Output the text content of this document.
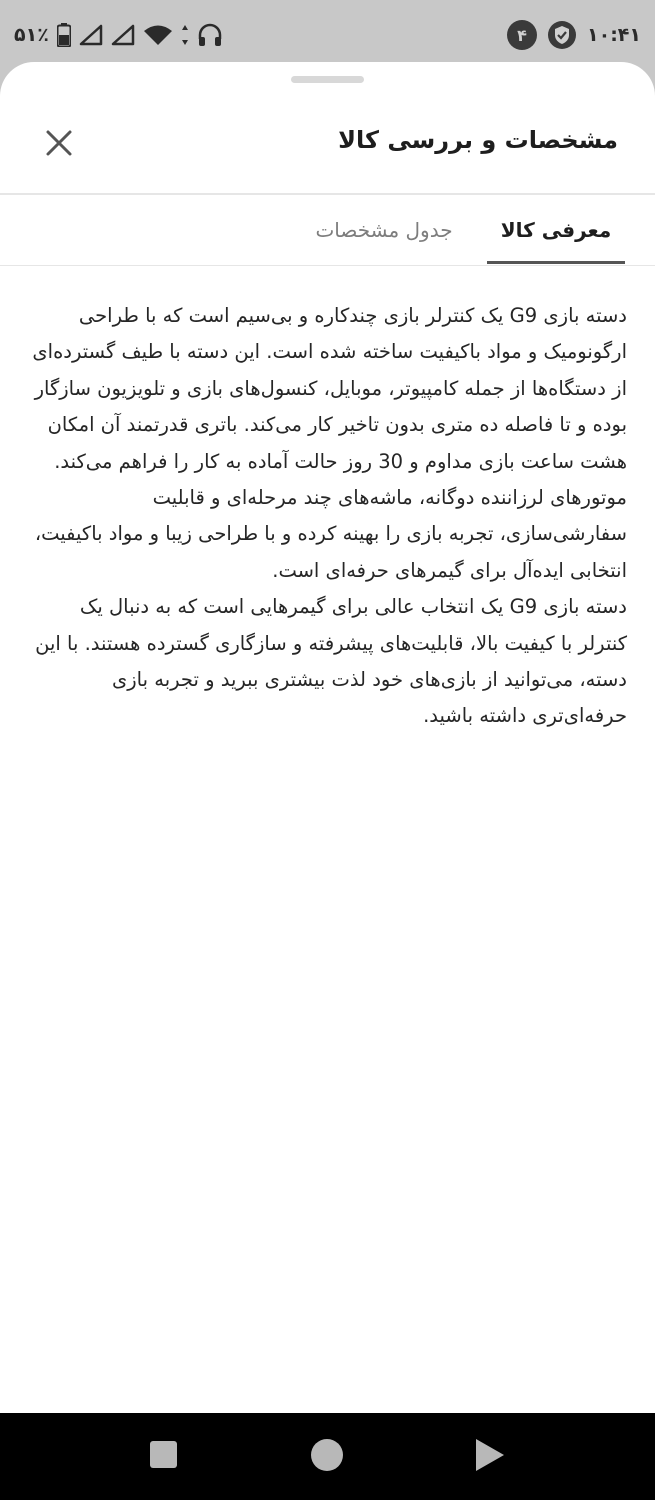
۵۱٪	۴	۱۰:۴۱
مشخصات و بررسی کالا
معرفی کالا
جدول مشخصات

دسته بازی G9 یک کنترلر بازی چندکاره و بی‌سیم است که با طراحی ارگونومیک و مواد باکیفیت ساخته شده است. این دسته با طیف گسترده‌ای از دستگاه‌ها از جمله کامپیوتر، موبایل، کنسول‌های بازی و تلویزیون سازگار بوده و تا فاصله ده متری بدون تاخیر کار می‌کند. باتری قدرتمند آن امکان هشت ساعت بازی مداوم و 30 روز حالت آماده به کار را فراهم می‌کند. موتورهای لرزاننده دوگانه، ماشه‌های چند مرحله‌ای و قابلیت سفارشی‌سازی، تجربه بازی را بهینه کرده و با طراحی زیبا و مواد باکیفیت، انتخابی ایده‌آل برای گیمرهای حرفه‌ای است.

دسته بازی G9 یک انتخاب عالی برای گیمرهایی است که به دنبال یک کنترلر با کیفیت بالا، قابلیت‌های پیشرفته و سازگاری گسترده هستند. با این دسته، می‌توانید از بازی‌های خود لذت بیشتری ببرید و تجربه بازی حرفه‌ای‌تری داشته باشید.
